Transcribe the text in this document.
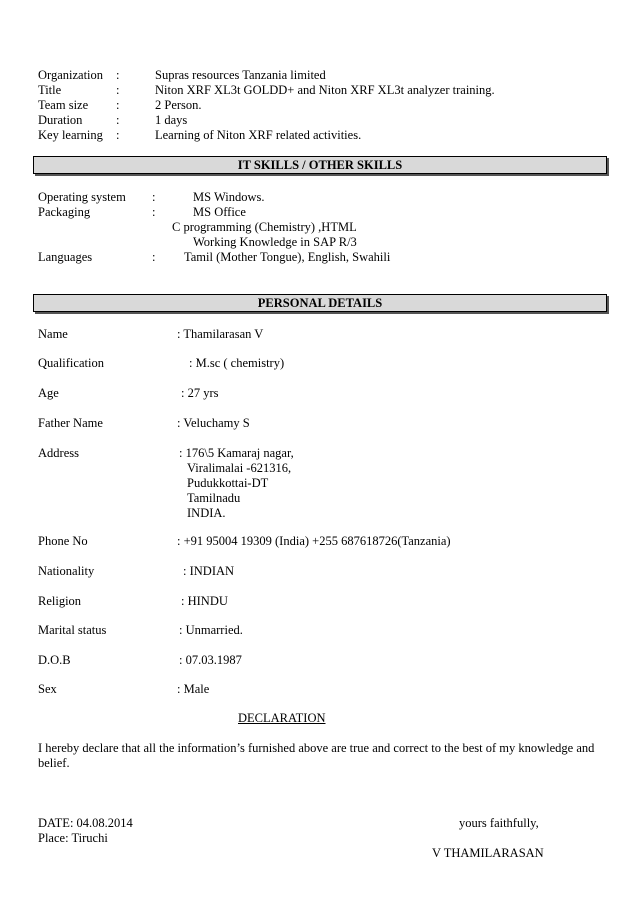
Organization :	Supras resources Tanzania limited
Title	:	Niton XRF XL3t GOLDD+ and Niton XRF XL3t analyzer training.
Team size :	2 Person.
Duration	:	1 days
Key learning :	Learning of Niton XRF related activities.
IT SKILLS / OTHER SKILLS
Operating system :	MS Windows.
Packaging	:	MS Office
C programming (Chemistry) ,HTML
Working Knowledge in SAP R/3
Languages	: Tamil (Mother Tongue), English, Swahili
PERSONAL DETAILS
Name	: Thamilarasan V
Qualification	: M.sc ( chemistry)
Age	: 27 yrs
Father Name	: Veluchamy S
Address	: 176\5 Kamaraj nagar,
Viralimalai -621316,
Pudukkottai-DT
Tamilnadu
INDIA.
Phone No	: +91 95004 19309 (India) +255 687618726(Tanzania)
Nationality	: INDIAN
Religion	: HINDU
Marital status	: Unmarried.
D.O.B	: 07.03.1987
Sex	: Male
DECLARATION
I hereby declare that all the information’s furnished above are true and correct to the best of my knowledge and belief.
DATE: 04.08.2014
Place: Tiruchi
yours faithfully,
V THAMILARASAN
